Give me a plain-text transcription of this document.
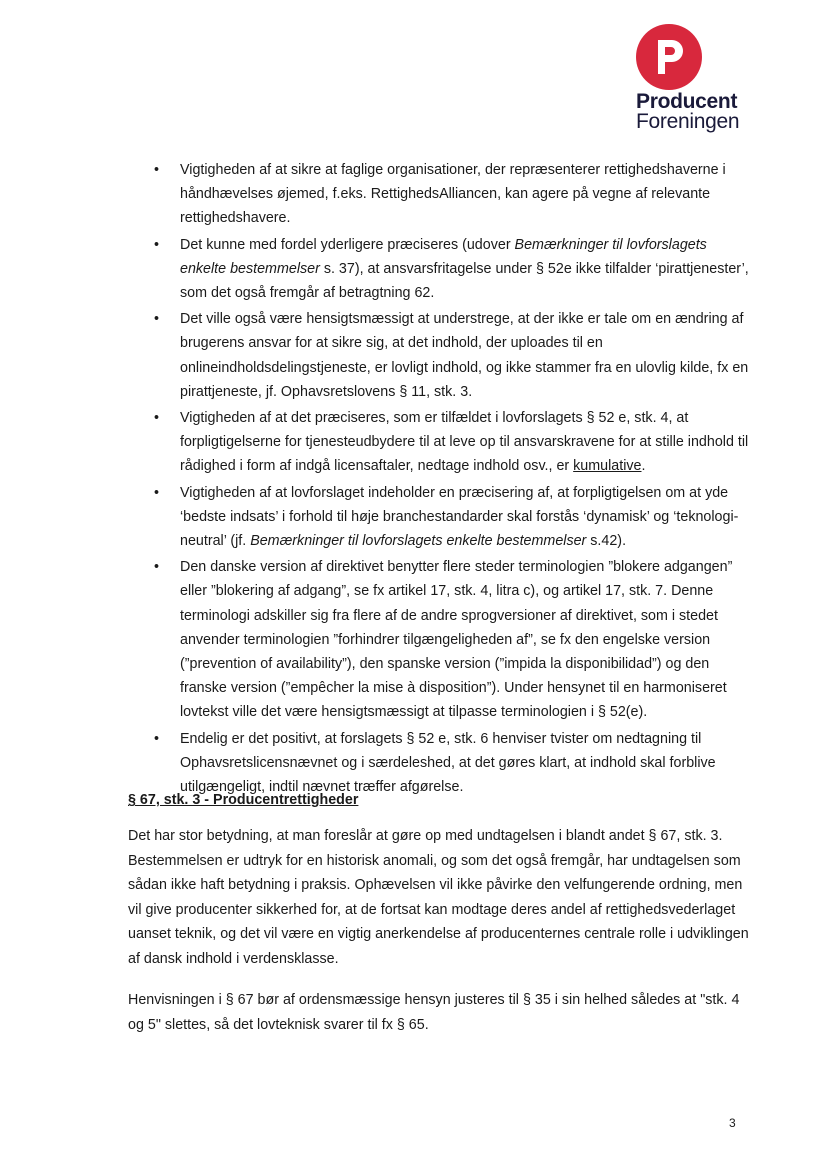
Producent
Foreningen
• Vigtigheden af at sikre at faglige organisationer, der repræsenterer rettighedshaverne i håndhævelses øjemed, f.eks. RettighedsAlliancen, kan agere på vegne af relevante rettighedshavere.
• Det kunne med fordel yderligere præciseres (udover Bemærkninger til lovforslagets enkelte bestemmelser s. 37), at ansvarsfritagelse under § 52e ikke tilfalder ‘pirattjenester’, som det også fremgår af betragtning 62.
• Det ville også være hensigtsmæssigt at understrege, at der ikke er tale om en ændring af brugerens ansvar for at sikre sig, at det indhold, der uploades til en onlineindholdsdelingstjeneste, er lovligt indhold, og ikke stammer fra en ulovlig kilde, fx en pirattjeneste, jf. Ophavsretslovens § 11, stk. 3.
• Vigtigheden af at det præciseres, som er tilfældet i lovforslagets § 52 e, stk. 4, at forpligtigelserne for tjenesteudbydere til at leve op til ansvarskravene for at stille indhold til rådighed i form af indgå licensaftaler, nedtage indhold osv., er kumulative.
• Vigtigheden af at lovforslaget indeholder en præcisering af, at forpligtigelsen om at yde ‘bedste indsats’ i forhold til høje branchestandarder skal forstås ‘dynamisk’ og ‘teknologi-neutral’ (jf. Bemærkninger til lovforslagets enkelte bestemmelser s.42).
• Den danske version af direktivet benytter flere steder terminologien ”blokere adgangen” eller ”blokering af adgang”, se fx artikel 17, stk. 4, litra c), og artikel 17, stk. 7. Denne terminologi adskiller sig fra flere af de andre sprogversioner af direktivet, som i stedet anvender terminologien ”forhindrer tilgængeligheden af”, se fx den engelske version (”prevention of availability”), den spanske version (”impida la disponibilidad”) og den franske version (”empêcher la mise à disposition”). Under hensynet til en harmoniseret lovtekst ville det være hensigtsmæssigt at tilpasse terminologien i § 52(e).
• Endelig er det positivt, at forslagets § 52 e, stk. 6 henviser tvister om nedtagning til Ophavsretslicensnævnet og i særdeleshed, at det gøres klart, at indhold skal forblive utilgængeligt, indtil nævnet træffer afgørelse.
§ 67, stk. 3 - Producentrettigheder

Det har stor betydning, at man foreslår at gøre op med undtagelsen i blandt andet § 67, stk. 3. Bestemmelsen er udtryk for en historisk anomali, og som det også fremgår, har undtagelsen som sådan ikke haft betydning i praksis. Ophævelsen vil ikke påvirke den velfungerende ordning, men vil give producenter sikkerhed for, at de fortsat kan modtage deres andel af rettighedsvederlaget uanset teknik, og det vil være en vigtig anerkendelse af producenternes centrale rolle i udviklingen af dansk indhold i verdensklasse.

Henvisningen i § 67 bør af ordensmæssige hensyn justeres til § 35 i sin helhed således at "stk. 4 og 5" slettes, så det lovteknisk svarer til fx § 65.

3
